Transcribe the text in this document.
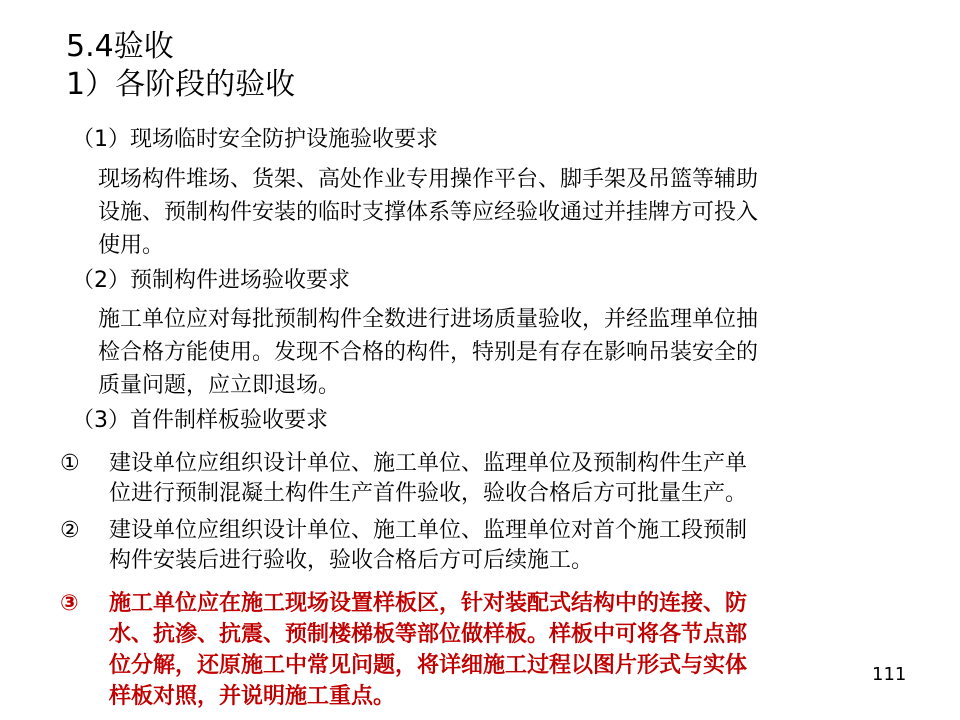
5.4验收
1）各阶段的验收
（1）现场临时安全防护设施验收要求
现场构件堆场、货架、高处作业专用操作平台、脚手架及吊篮等辅助
设施、预制构件安装的临时支撑体系等应经验收通过并挂牌方可投入
使用。
（2）预制构件进场验收要求
施工单位应对每批预制构件全数进行进场质量验收，并经监理单位抽
检合格方能使用。发现不合格的构件，特别是有存在影响吊装安全的
质量问题，应立即退场。
（3）首件制样板验收要求
①	建设单位应组织设计单位、施工单位、监理单位及预制构件生产单
位进行预制混凝土构件生产首件验收，验收合格后方可批量生产。
②	建设单位应组织设计单位、施工单位、监理单位对首个施工段预制
构件安装后进行验收，验收合格后方可后续施工。
③	施工单位应在施工现场设置样板区，针对装配式结构中的连接、防
水、抗渗、抗震、预制楼梯板等部位做样板。样板中可将各节点部
位分解，还原施工中常见问题，将详细施工过程以图片形式与实体
样板对照，并说明施工重点。
111
